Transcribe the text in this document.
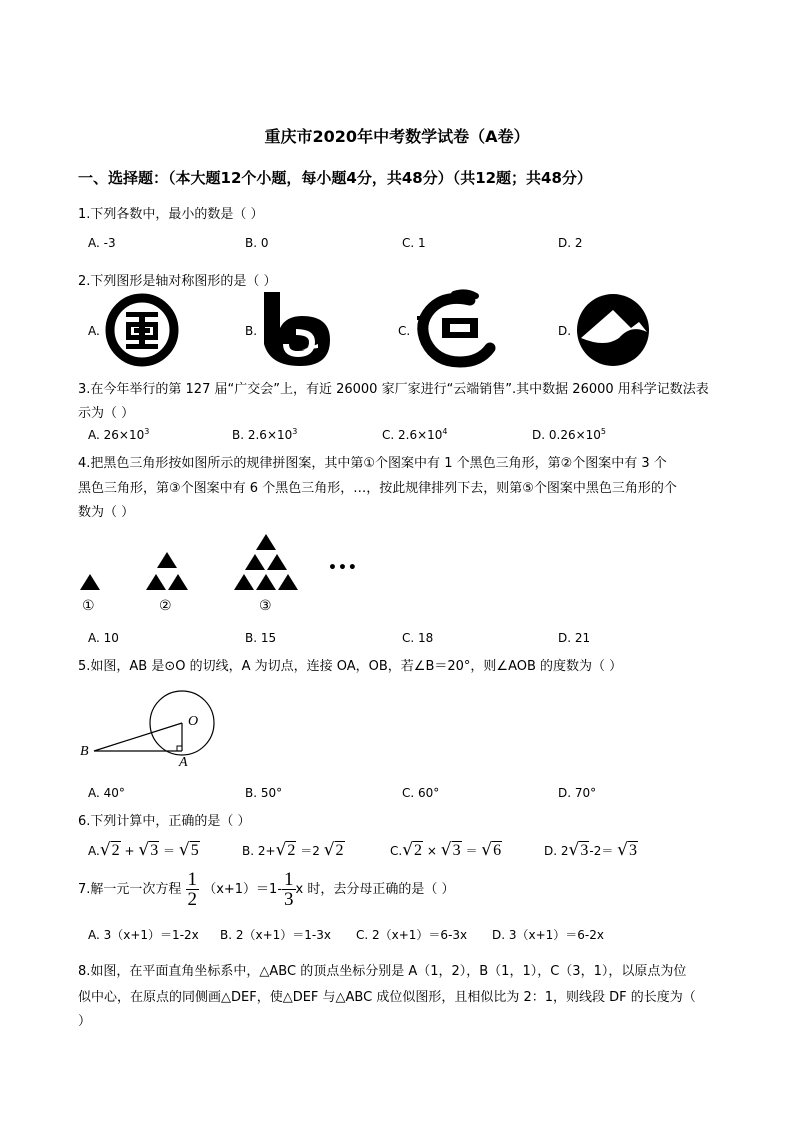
重庆市2020年中考数学试卷（A卷）
一、选择题：（本大题12个小题，每小题4分，共48分）（共12题；共48分）
1.下列各数中，最小的数是（ ）
A. -3	B. 0	C. 1	D. 2
2.下列图形是轴对称图形的是（ ）
A.	B.	C.	D.
3.在今年举行的第 127 届“广交会”上，有近 26000 家厂家进行“云端销售”.其中数据 26000 用科学记数法表
示为（ ）
A. $26\times 10^3$	B. $2.6\times 10^3$	C. $2.6\times 10^4$	D. $0.26\times 10^5$
4.把黑色三角形按如图所示的规律拼图案，其中第①个图案中有 1 个黑色三角形，第②个图案中有 3 个
黑色三角形，第③个图案中有 6 个黑色三角形，…，按此规律排列下去，则第⑤个图案中黑色三角形的个
数为（ ）
•••
①	②	③
A. 10	B. 15	C. 18	D. 21
5.如图，AB 是⊙O 的切线，A 为切点，连接 OA，OB，若∠B＝20°，则∠AOB 的度数为（ ）
O
B
A
A. 40°	B. 50°	C. 60°	D. 70°
6.下列计算中，正确的是（ ）
A.√2 + √3 ＝ √5	B. 2+√2 ＝2 √2	C.√2 × √3 ＝ √6	D. 2√3-2＝ √3
7.解一元一次方程 $\frac{1}{2} (x+1)=1- \frac{1}{3}$ x 时，去分母正确的是（ ）
A. 3（x+1）＝1-2x B. 2（x+1）＝1-3x C. 2（x+1）＝6-3x D. 3（x+1）＝6-2x
8.如图，在平面直角坐标系中，△ABC 的顶点坐标分别是 A（1，2），B（1，1），C（3，1），以原点为位
似中心，在原点的同侧画△DEF，使△DEF 与△ABC 成位似图形，且相似比为 2：1，则线段 DF 的长度为（
）
